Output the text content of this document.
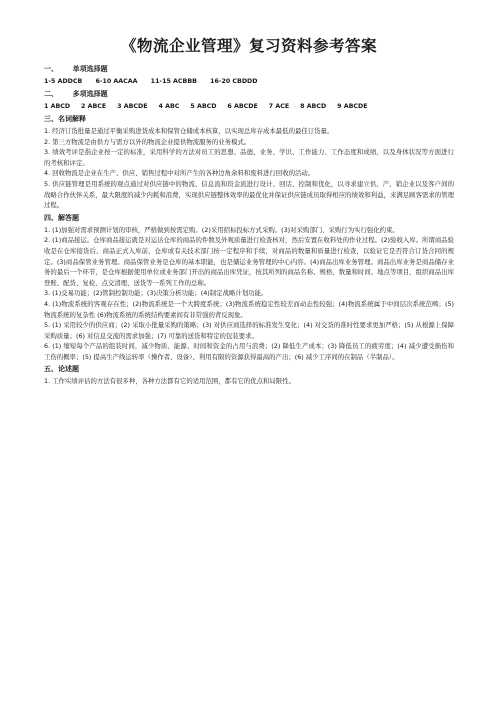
《物流企业管理》复习资料参考答案
一、      单项选择题
1-5 ADDCB      6-10 AACAA      11-15 ACBBB      16-20 CBDDD
二、      多项选择题
1 ABCD     2 ABCE     3 ABCDE     4 ABC     5 ABCD     6 ABCDE     7 ACE     8 ABCD     9 ABCDE
三、名词解释

1. 经济订货批量是通过平衡采购进货成本和保管仓储成本核算，以实现总库存成本最低的最佳订货量。

2. 第三方物流是由供方与需方以外的物流企业提供物流服务的业务模式。

3. 绩效考评是指企业按一定的标准，采用科学的方法对员工的思想、品德、业务、学识、工作能力、工作态度和成绩，以及身体状况等方面进行的考核和评定。

4. 回收物流是企业在生产、供应、销售过程中对所产生的各种边角余料和废料进行回收的活动。

5. 供应链管理是用系统的观点通过对供应链中的物流、信息流和资金流进行设计、回话、控制和优化，以寻求建立供、产、销企业以及客户间的战略合作伙伴关系，最大限度的减少内耗和浪费，实现供应链整体效率的最优化并保证供应链成员取得相应的绩效和利益，来满足顾客需求的管理过程。

四、解答题

1. (1)加强对需求预测计划的审核，严格做到按需定购。(2)采用招标投标方式采购。(3)对采购部门、采购行为实行强化约束。

2. (1)商品接运。仓库商品接运就是对运达仓库的商品的件数及外观质量进行检查核对，然后安置在收料处的作业过程。(2)验收入库。所谓商品验收是在仓库接货后、商品正式入库前，仓库或有关技术部门按一定程序和手续，对商品的数量和质量进行检查，以验证它是否符合订货合同的规定。(3)商品保管业务管理。商品保管业务是仓库的基本职能，也是储运业务管理的中心内容。(4)商品出库业务管理。商品出库业务是商品储存业务的最后一个环节，是仓库根据使用单位或业务部门开出的商品出库凭证，按其所列的商品名称、规格、数量和时间、地点等项目，组织商品出库登账、配货、复检、点交清理、送货等一系列工作的总称。

3. (1)交易功能；(2)管制控制功能；(3)决策分析功能；(4)制定战略计划功能。

4. (1)物流系统的客观存在性；(2)物流系统是一个大跨度系统；(3)物流系统稳定性较差而动态性较强；(4)物流系统属于中间层次系统范畴；(5)物流系统的复杂性 (6)物流系统的系统结构要素间有非常强的背反现象。

5. (1) 采用较少的供应商；(2) 采取小批量采购的策略；(3) 对供应商选择的标准发生变化；(4) 对交货的准时性要求更加严格；(5) 从根源上保障采购质量；(6) 对信息交流的需求加强；(7) 可靠的送货和特定的包装要求。

6. (1) 缩短每个产品的组装时间，减少物质、能源、时间和资金的占用与浪费；(2) 降低生产成本；(3) 降低员工的疲劳度；(4) 减少遭受损伤和工伤的概率；(5) 提高生产线运转率（操作者、设备）、利用有限的资源获得最高的产出；(6) 减少工序间的在制品（半制品）。

五、论述题

1. 工作实绩评估的方法有很多种，各种方法都有它的适用范围，都有它的优点和局限性。
